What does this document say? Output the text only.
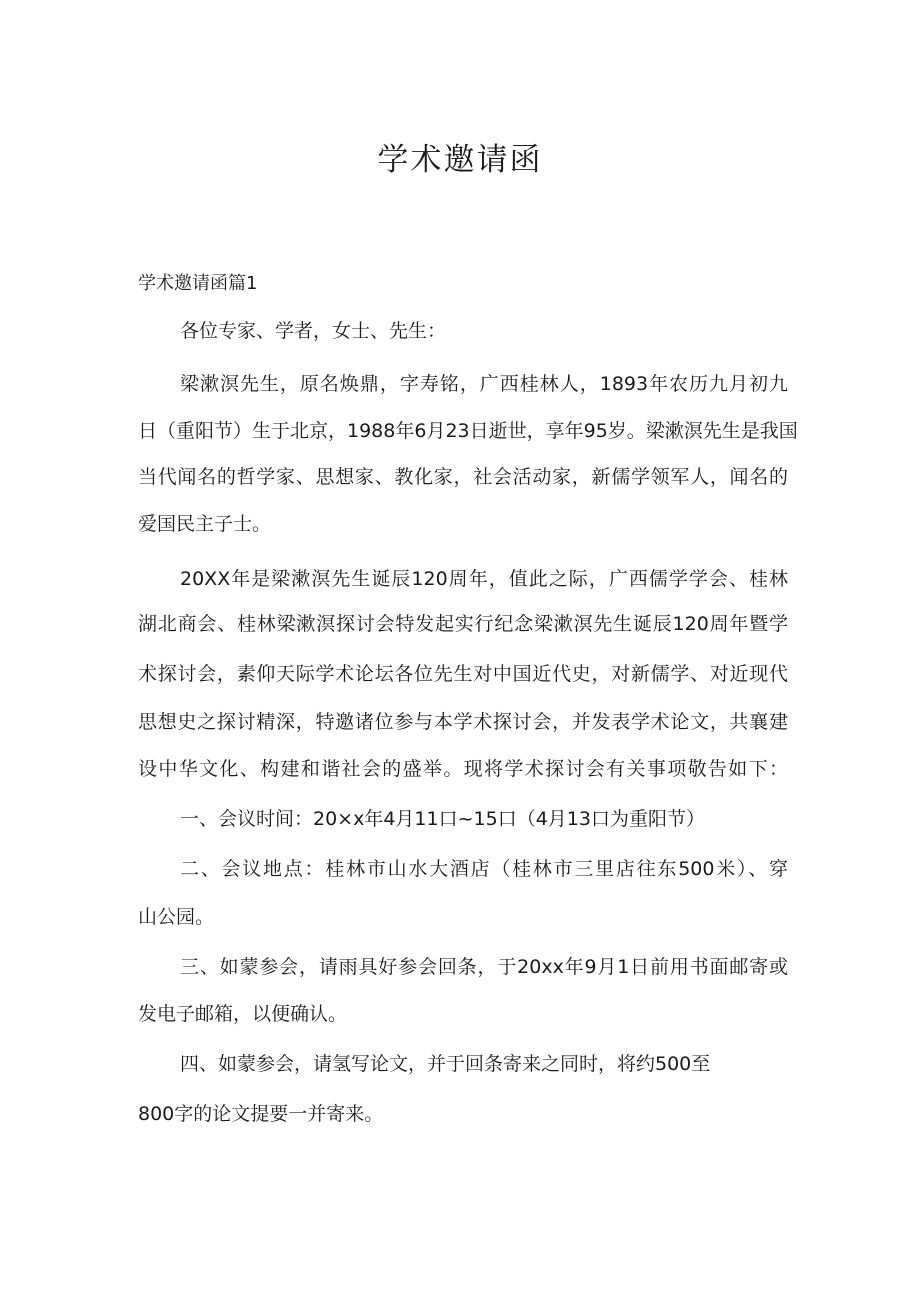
学术邀请函

学术邀请函篇1

各位专家、学者，女士、先生：

梁漱溟先生，原名焕鼎，字寿铭，广西桂林人，1893年农历九月初九

日（重阳节）生于北京，1988年6月23日逝世，享年95岁。梁漱溟先生是我国

当代闻名的哲学家、思想家、教化家，社会活动家，新儒学领军人，闻名的

爱国民主子士。

20XX年是梁漱溟先生诞辰120周年，值此之际，广西儒学学会、桂林

湖北商会、桂林梁漱溟探讨会特发起实行纪念梁漱溟先生诞辰120周年暨学

术探讨会，素仰天际学术论坛各位先生对中国近代史，对新儒学、对近现代

思想史之探讨精深，特邀诸位参与本学术探讨会，并发表学术论文，共襄建

设中华文化、构建和谐社会的盛举。现将学术探讨会有关事项敬告如下：

一、会议时间：20×x年4月11口~15口（4月13口为重阳节）

二、会议地点：桂林市山水大酒店（桂林市三里店往东500米）、穿

山公园。

三、如蒙参会，请雨具好参会回条，于20xx年9月1日前用书面邮寄或

发电子邮箱，以便确认。

四、如蒙参会，请氢写论文，并于回条寄来之同时，将约500至

800字的论文提要一并寄来。
